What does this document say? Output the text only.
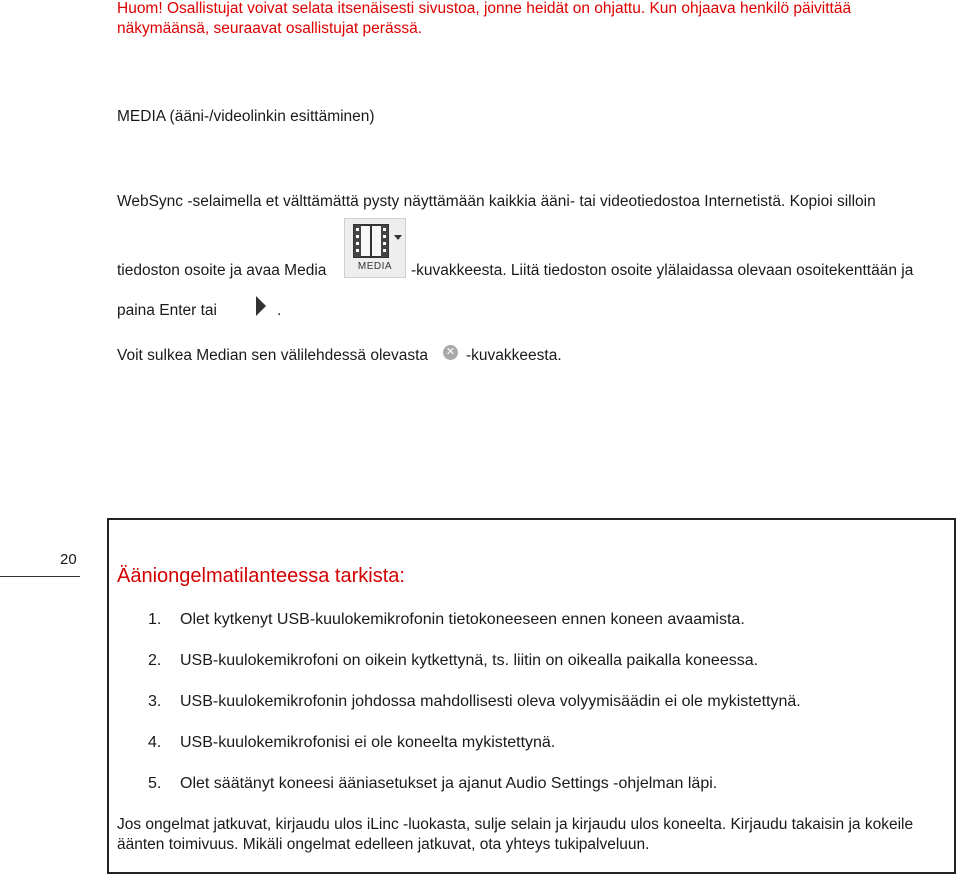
Huom! Osallistujat voivat selata itsenäisesti sivustoa, jonne heidät on ohjattu. Kun ohjaava henkilö päivittää
näkymäänsä, seuraavat osallistujat perässä.
MEDIA (ääni-/videolinkin esittäminen)
WebSync -selaimella et välttämättä pysty näyttämään kaikkia ääni- tai videotiedostoa Internetistä. Kopioi silloin
tiedoston osoite ja avaa Media	MEDIA	-kuvakkeesta. Liitä tiedoston osoite ylälaidassa olevaan osoitekenttään ja
paina Enter tai	.
Voit sulkea Median sen välilehdessä olevasta ✕ -kuvakkeesta.
20
Ääniongelmatilanteessa tarkista:
1. Olet kytkenyt USB-kuulokemikrofonin tietokoneeseen ennen koneen avaamista.
2. USB-kuulokemikrofoni on oikein kytkettynä, ts. liitin on oikealla paikalla koneessa.
3. USB-kuulokemikrofonin johdossa mahdollisesti oleva volyymisäädin ei ole mykistettynä.
4. USB-kuulokemikrofonisi ei ole koneelta mykistettynä.
5. Olet säätänyt koneesi ääniasetukset ja ajanut Audio Settings -ohjelman läpi.
Jos ongelmat jatkuvat, kirjaudu ulos iLinc -luokasta, sulje selain ja kirjaudu ulos koneelta. Kirjaudu takaisin ja kokeile
äänten toimivuus. Mikäli ongelmat edelleen jatkuvat, ota yhteys tukipalveluun.
